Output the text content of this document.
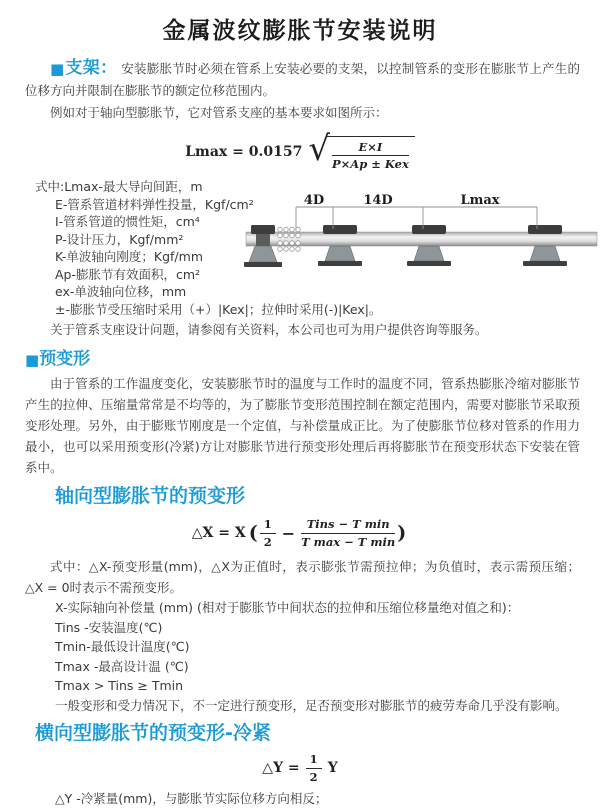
金属波纹膨胀节安装说明

■支架： 安装膨胀节时必须在管系上安装必要的支架，以控制管系的变形在膨胀节上产生的位移方向并限制在膨胀节的额定位移范围内。

例如对于轴向型膨胀节，它对管系支座的基本要求如图所示：

Lmax = 0.0157 √ $\frac{E\times I}{\text{P×Ap ± Kex}}$
式中:Lmax-最大导向间距，m
E-管系管道材料弹性投量，Kgf/cm²
I-管系管道的惯性矩，cm⁴
P-设计压力，Kgf/mm²
K-单波轴向刚度；Kgf/mm
Ap-膨胀节有效面积，cm²
ex-单波轴向位移，mm
±-膨胀节受压缩时采用（+）|Kex|；拉伸时采用(-)|Kex|。

关于管系支座设计问题，请参阅有关资料，本公司也可为用户提供咨询等服务。

4D	14D	Lmax
■预变形

由于管系的工作温度变化，安装膨胀节时的温度与工作时的温度不同，管系热膨胀冷缩对膨胀节产生的拉伸、压缩量常常是不均等的，为了膨胀节变形范围控制在额定范围内，需要对膨胀节采取预变形处理。另外，由于膨账节刚度是一个定值，与补偿量成正比。为了使膨胀节位移对管系的作用力最小，也可以采用预变形(冷紧)方让对膨胀节进行预变形处理后再将膨胀节在预变形状态下安装在管系中。

轴向型膨胀节的预变形
△X = X ( $\frac{1}{2} - \frac{\text{Tins − T min}}{\text{T max − T min}}$ )

式中：△X-预变形量(mm)，△X为正值时，表示膨张节需预拉伸；为负值时，表示需预压缩；△X = 0时表示不需预变形。

X-实际轴向补偿量 (mm) (相对于膨胀节中间状态的拉伸和压缩位移量绝对值之和)：
Tins -安装温度(℃)
Tmin-最低设计温度(℃)
Tmax -最高设计温 (℃)
Tmax > Tins ≥ Tmin
一般变形和受力情况下，不一定进行预变形，足否预变形对膨胀节的疲劳寿命几乎没有影响。
横向型膨胀节的预变形-冷紧
△Y = $\frac{1}{2}$ Y

△Y -冷紧量(mm)，与膨胀节实际位移方向相反；
